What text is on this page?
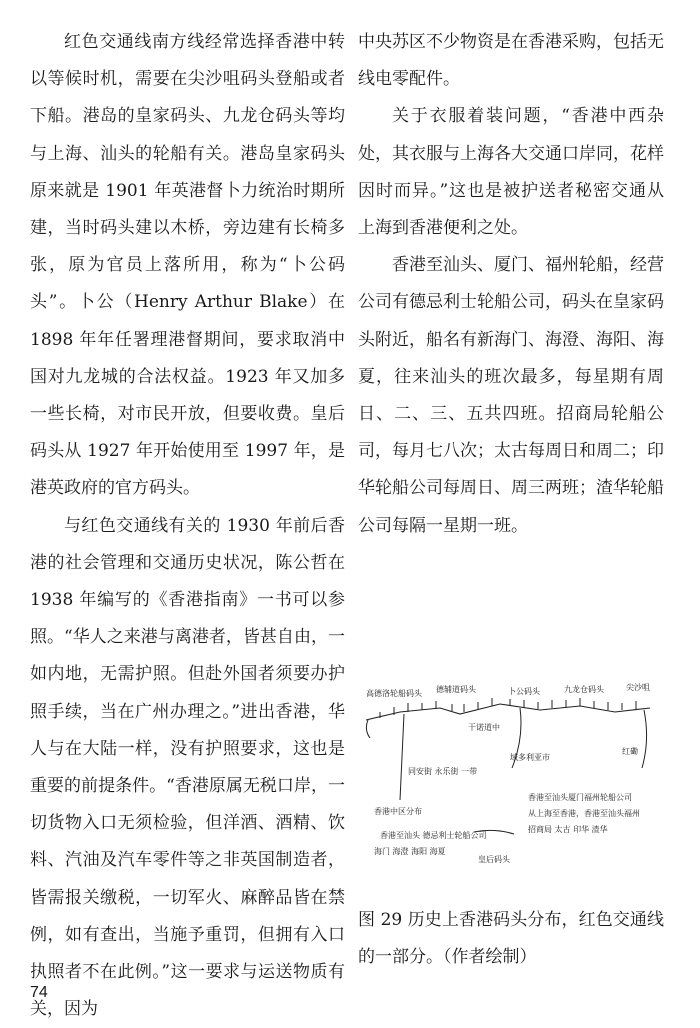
红色交通线南方线经常选择香港中转以等候时机，需要在尖沙咀码头登船或者下船。港岛的皇家码头、九龙仓码头等均与上海、汕头的轮船有关。港岛皇家码头原来就是 1901 年英港督卜力统治时期所建，当时码头建以木桥，旁边建有长椅多张，原为官员上落所用，称为“卜公码头”。卜公（Henry Arthur Blake）在 1898 年年任署理港督期间，要求取消中国对九龙城的合法权益。1923 年又加多一些长椅，对市民开放，但要收费。皇后码头从 1927 年开始使用至 1997 年，是港英政府的官方码头。

与红色交通线有关的 1930 年前后香港的社会管理和交通历史状况，陈公哲在 1938 年编写的《香港指南》一书可以参照。“华人之来港与离港者，皆甚自由，一如内地，无需护照。但赴外国者须要办护照手续，当在广州办理之。”进出香港，华人与在大陆一样，没有护照要求，这也是重要的前提条件。“香港原属无税口岸，一切货物入口无须检验，但洋酒、酒精、饮料、汽油及汽车零件等之非英国制造者，皆需报关缴税，一切军火、麻醉品皆在禁例，如有查出，当施予重罚，但拥有入口执照者不在此例。”这一要求与运送物质有关，因为

中央苏区不少物资是在香港采购，包括无线电零配件。

关于衣服着装问题，“香港中西杂处，其衣服与上海各大交通口岸同，花样因时而异。”这也是被护送者秘密交通从上海到香港便利之处。

香港至汕头、厦门、福州轮船，经营公司有德忌利士轮船公司，码头在皇家码头附近，船名有新海门、海澄、海阳、海夏，往来汕头的班次最多，每星期有周日、二、三、五共四班。招商局轮船公司，每月七八次；太古每周日和周二；印华轮船公司每周日、周三两班；渣华轮船公司每隔一星期一班。

高德洛轮船码头 德辅道码头	卜公码头	九龙仓码头	尖沙咀
干诺道中
域多利亚市
红磡
同安街 永乐街 一带
香港中区分布
香港至汕头厦门福州轮船公司
从上海至香港，香港至汕头福州
招商局 太古 印华 渣华
香港至汕头 德忌利士轮船公司
海门 海澄 海阳 海夏
皇后码头
图 29 历史上香港码头分布，红色交通线的一部分。（作者绘制）
74
